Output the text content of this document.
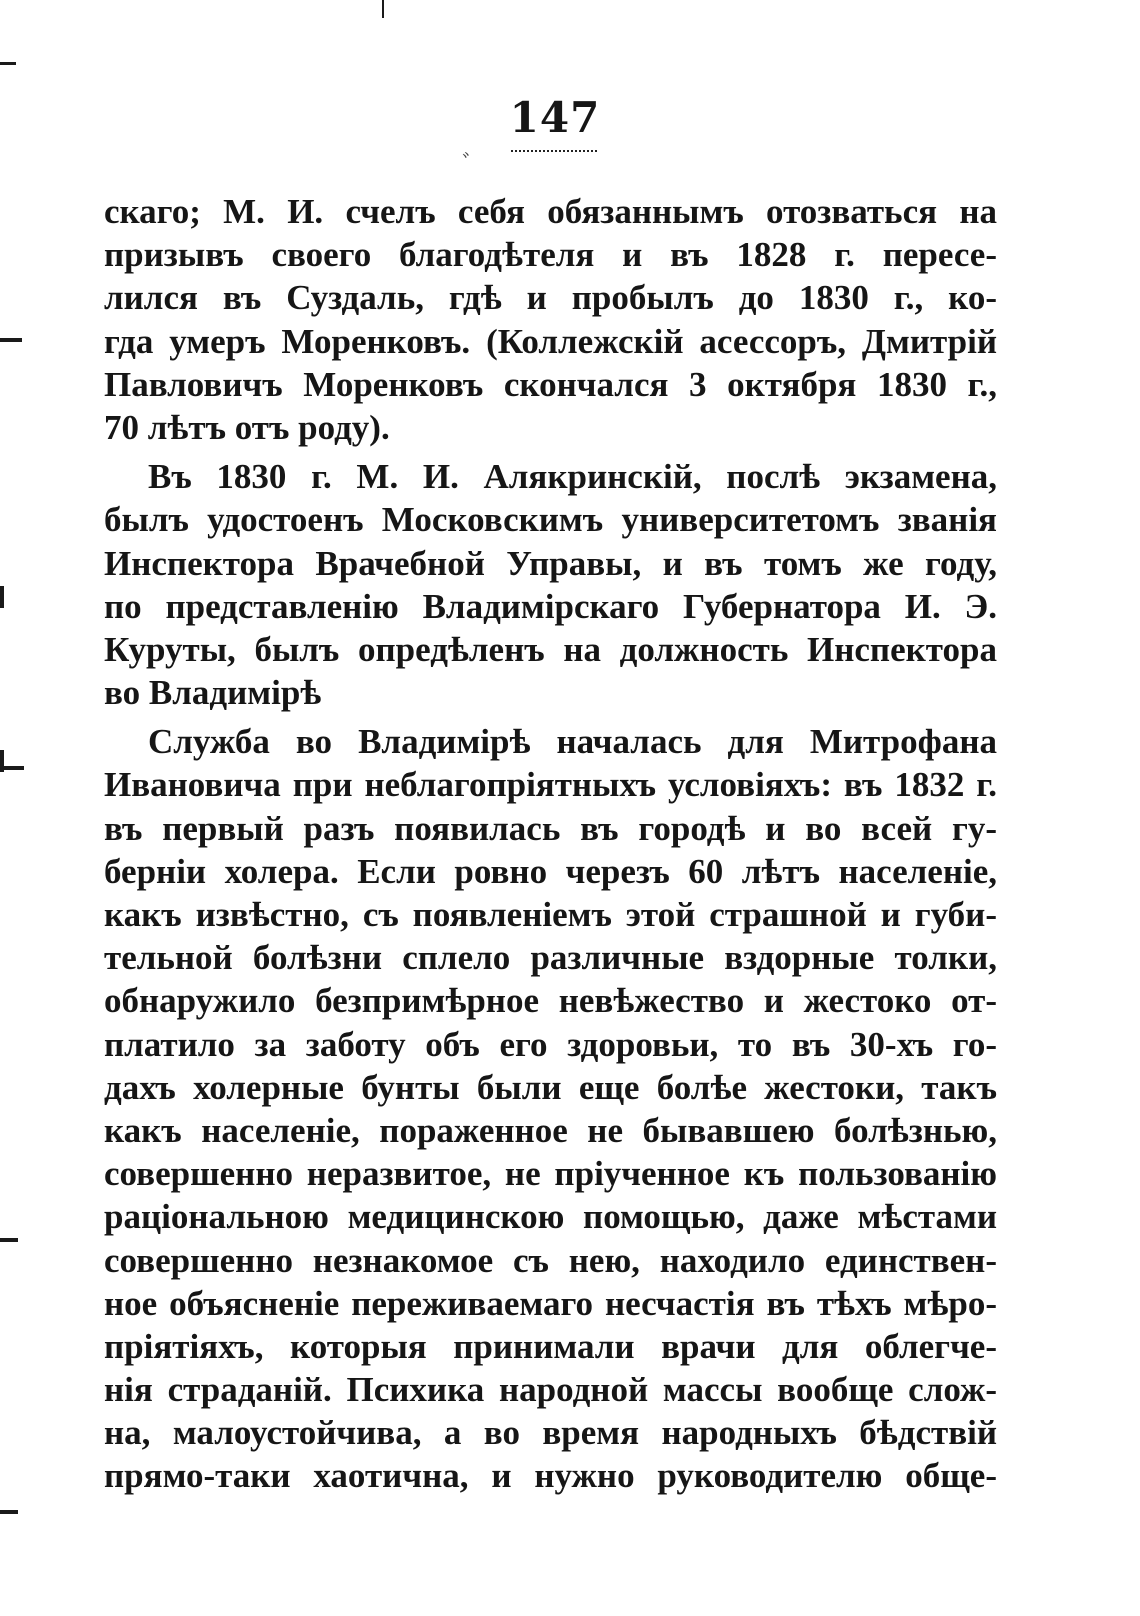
147
ﾞ
скаго; М. И. счелъ себя обязаннымъ отозваться на
призывъ своего благодѣтеля и въ 1828 г. пересе-
лился въ Суздаль, гдѣ и пробылъ до 1830 г., ко-
гда умеръ Моренковъ. (Коллежскій асессоръ, Дмитрій
Павловичъ Моренковъ скончался 3 октября 1830 г.,
70 лѣтъ отъ роду).
Въ 1830 г. М. И. Алякринскій, послѣ экзамена,
былъ удостоенъ Московскимъ университетомъ званія
Инспектора Врачебной Управы, и въ томъ же году,
по представленію Владимірскаго Губернатора И. Э.
Куруты, былъ опредѣленъ на должность Инспектора
во Владимірѣ
Служба во Владимірѣ началась для Митрофана
Ивановича при неблагопріятныхъ условіяхъ: въ 1832 г.
въ первый разъ появилась въ городѣ и во всей гу-
берніи холера. Если ровно черезъ 60 лѣтъ населеніе,
какъ извѣстно, съ появленіемъ этой страшной и губи-
тельной болѣзни сплело различные вздорные толки,
обнаружило безпримѣрное невѣжество и жестоко от-
платило за заботу объ его здоровьи, то въ 30-хъ го-
дахъ холерные бунты были еще болѣе жестоки, такъ
какъ населеніе, пораженное не бывавшею болѣзнью,
совершенно неразвитое, не пріученное къ пользованію
раціональною медицинскою помощью, даже мѣстами
совершенно незнакомое съ нею, находило единствен-
ное объясненіе переживаемаго несчастія въ тѣхъ мѣро-
пріятіяхъ, которыя принимали врачи для облегче-
нія страданій. Психика народной массы вообще слож-
на, малоустойчива, а во время народныхъ бѣдствій
прямо-таки хаотична, и нужно руководителю обще-
